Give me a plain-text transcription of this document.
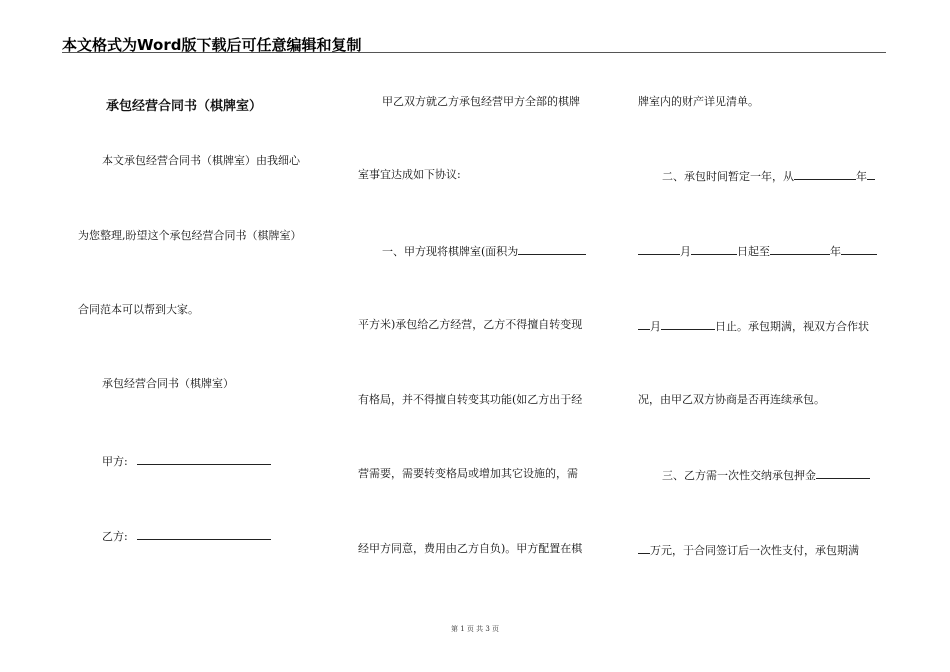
本文格式为Word版下载后可任意编辑和复制
承包经营合同书（棋牌室）
本文承包经营合同书（棋牌室）由我细心
为您整理,盼望这个承包经营合同书（棋牌室）
合同范本可以帮到大家。
承包经营合同书（棋牌室）
甲方:
乙方:
甲乙双方就乙方承包经营甲方全部的棋牌
室事宜达成如下协议:
一、甲方现将棋牌室(面积为
平方米)承包给乙方经营，乙方不得擅自转变现
有格局，并不得擅自转变其功能(如乙方出于经
营需要，需要转变格局或增加其它设施的，需
经甲方同意，费用由乙方自负)。甲方配置在棋
牌室内的财产详见清单。
二、承包时间暂定一年，从	年
月	日起至	年
月	日止。承包期满，视双方合作状
况，由甲乙双方协商是否再连续承包。
三、乙方需一次性交纳承包押金
万元，于合同签订后一次性支付，承包期满
第 1 页 共 3 页
